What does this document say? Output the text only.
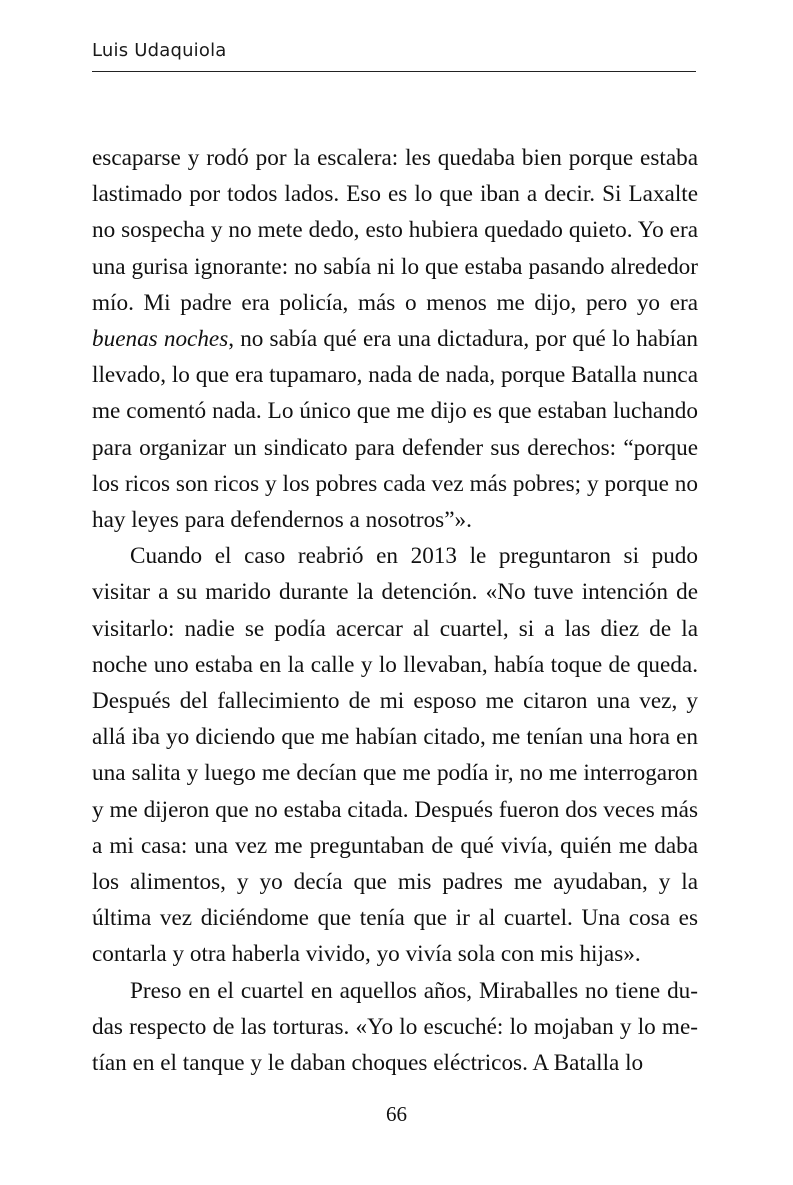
Luis Udaquiola

escaparse y rodó por la escalera: les quedaba bien porque estaba lastimado por todos lados. Eso es lo que iban a decir. Si Laxalte no sospecha y no mete dedo, esto hubiera quedado quieto. Yo era una gurisa ignorante: no sabía ni lo que estaba pasando alrededor mío. Mi padre era policía, más o menos me dijo, pero yo era buenas noches, no sabía qué era una dictadura, por qué lo habían llevado, lo que era tupamaro, nada de nada, porque Batalla nunca me comentó nada. Lo único que me dijo es que estaban luchando para organizar un sindicato para defender sus derechos: “porque los ricos son ricos y los pobres cada vez más pobres; y porque no hay leyes para defendernos a nosotros”».

Cuando el caso reabrió en 2013 le preguntaron si pudo visitar a su marido durante la detención. «No tuve intención de visitarlo: nadie se podía acercar al cuartel, si a las diez de la noche uno estaba en la calle y lo llevaban, había toque de queda. Después del fallecimiento de mi esposo me citaron una vez, y allá iba yo diciendo que me habían citado, me tenían una hora en una salita y luego me decían que me podía ir, no me interrogaron y me dijeron que no estaba citada. Después fueron dos veces más a mi casa: una vez me preguntaban de qué vivía, quién me daba los alimentos, y yo decía que mis padres me ayudaban, y la última vez diciéndome que tenía que ir al cuartel. Una cosa es contarla y otra haberla vivido, yo vivía sola con mis hijas».

Preso en el cuartel en aquellos años, Miraballes no tiene dudas respecto de las torturas. «Yo lo escuché: lo mojaban y lo metían en el tanque y le daban choques eléctricos. A Batalla lo

66
